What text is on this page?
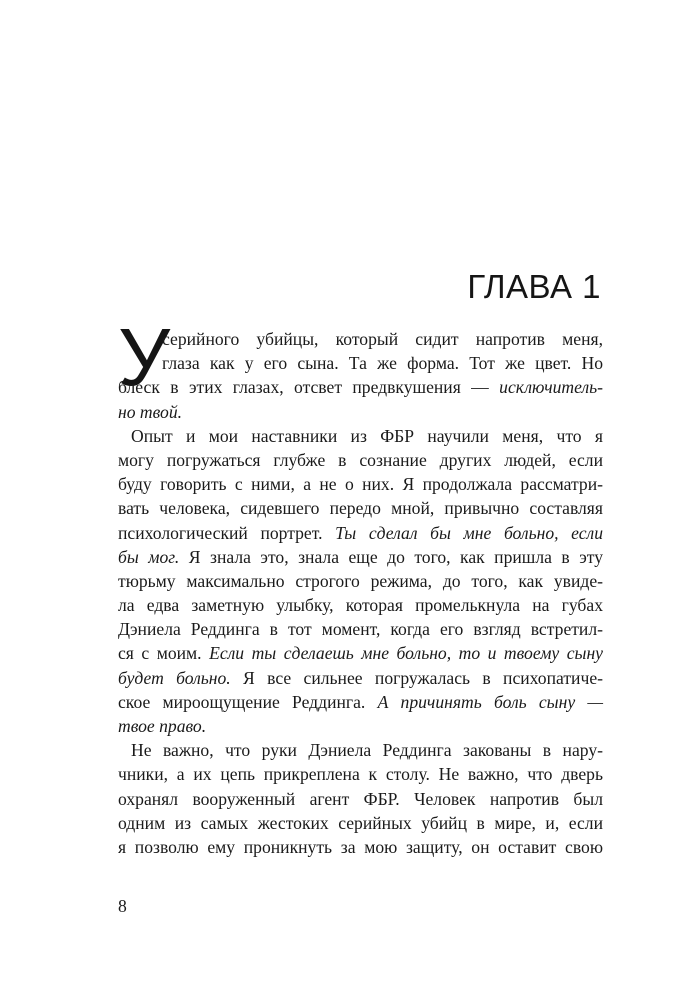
ГЛАВА 1
У
серийного убийцы, который сидит напротив меня,
глаза как у его сына. Та же форма. Тот же цвет. Но
блеск в этих глазах, отсвет предвкушения — исключитель-
но твой.
Опыт и мои наставники из ФБР научили меня, что я
могу погружаться глубже в сознание других людей, если
буду говорить с ними, а не о них. Я продолжала рассматри-
вать человека, сидевшего передо мной, привычно составляя
психологический портрет. Ты сделал бы мне больно, если
бы мог. Я знала это, знала еще до того, как пришла в эту
тюрьму максимально строгого режима, до того, как увиде-
ла едва заметную улыбку, которая промелькнула на губах
Дэниела Реддинга в тот момент, когда его взгляд встретил-
ся с моим. Если ты сделаешь мне больно, то и твоему сыну
будет больно. Я все сильнее погружалась в психопатиче-
ское мироощущение Реддинга. А причинять боль сыну —
твое право.
Не важно, что руки Дэниела Реддинга закованы в нару-
чники, а их цепь прикреплена к столу. Не важно, что дверь
охранял вооруженный агент ФБР. Человек напротив был
одним из самых жестоких серийных убийц в мире, и, если
я позволю ему проникнуть за мою защиту, он оставит свою
8
